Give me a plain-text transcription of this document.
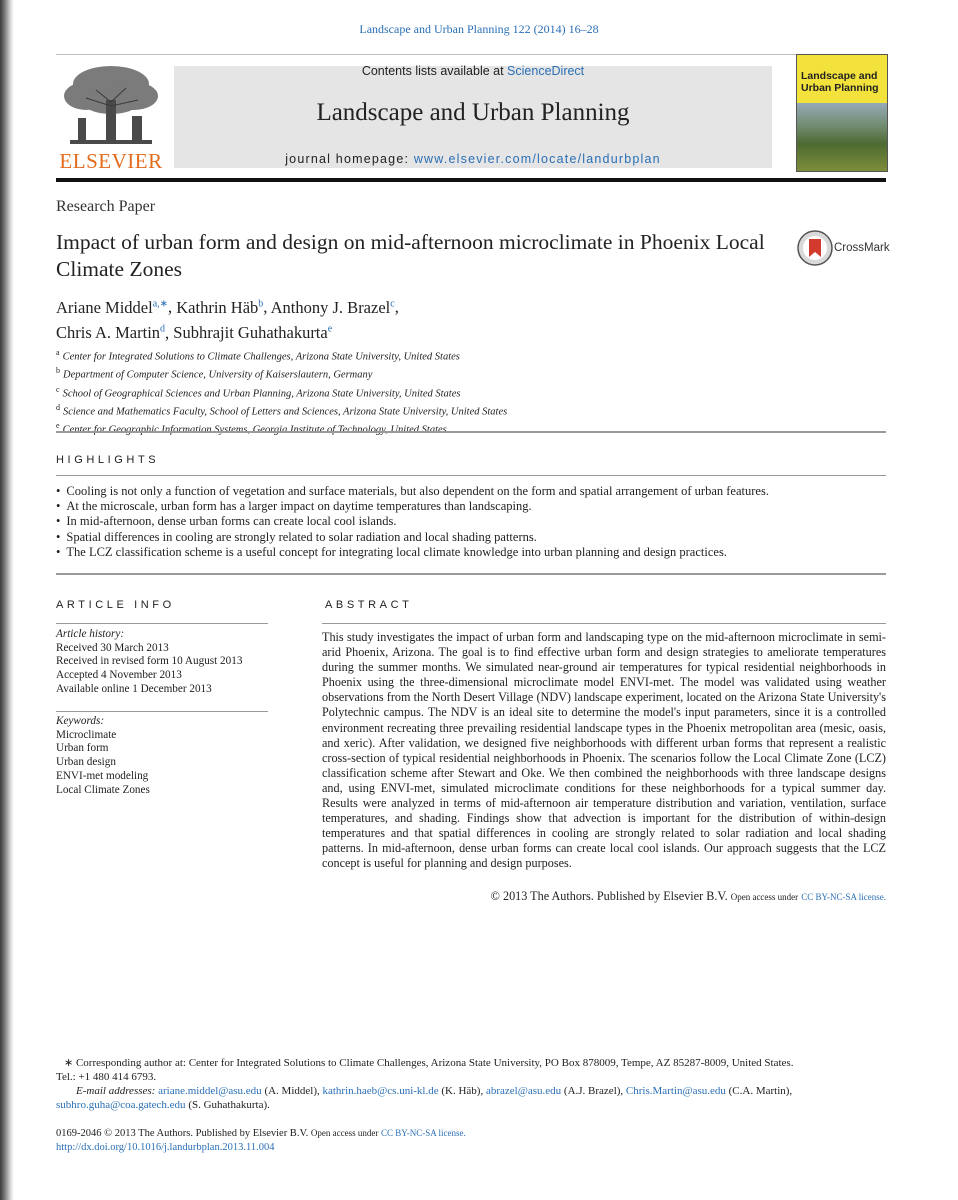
Landscape and Urban Planning 122 (2014) 16–28
ELSEVIER
Contents lists available at ScienceDirect
Landscape and Urban Planning
journal homepage: www.elsevier.com/locate/landurbplan
Landscape and
Urban Planning
Research Paper
Impact of urban form and design on mid-afternoon microclimate in Phoenix Local Climate Zones
CrossMark
Ariane Middel$^{a,∗}$, Kathrin Häb$^b$, Anthony J. Brazel$^c$,
Chris A. Martin$^d$, Subhrajit Guhathakurta$^e$
$^a$ Center for Integrated Solutions to Climate Challenges, Arizona State University, United States
$^b$ Department of Computer Science, University of Kaiserslautern, Germany
$^c$ School of Geographical Sciences and Urban Planning, Arizona State University, United States
$^d$ Science and Mathematics Faculty, School of Letters and Sciences, Arizona State University, United States
$^e$
HIGHLIGHTS
• Cooling is not only a function of vegetation and surface materials, but also dependent on the form and spatial arrangement of urban features.
• At the microscale, urban form has a larger impact on daytime temperatures than landscaping.
• In mid-afternoon, dense urban forms can create local cool islands.
• Spatial differences in cooling are strongly related to solar radiation and local shading patterns.
• The LCZ classification scheme is a useful concept for integrating local climate knowledge into urban planning and design practices.
ARTICLE INFO
Article history:
Received 30 March 2013
Received in revised form 10 August 2013
Accepted 4 November 2013
Available online 1 December 2013
Keywords:
Microclimate
Urban form
Urban design
ENVI-met modeling
Local Climate Zones
ABSTRACT
This study investigates the impact of urban form and landscaping type on the mid-afternoon microclimate in semi-arid Phoenix, Arizona. The goal is to find effective urban form and design strategies to ameliorate temperatures during the summer months. We simulated near-ground air temperatures for typical residential neighborhoods in Phoenix using the three-dimensional microclimate model ENVI-met. The model was validated using weather observations from the North Desert Village (NDV) landscape experiment, located on the Arizona State University's Polytechnic campus. The NDV is an ideal site to determine the model's input parameters, since it is a controlled environment recreating three prevailing residential landscape types in the Phoenix metropolitan area (mesic, oasis, and xeric). After validation, we designed five neighborhoods with different urban forms that represent a realistic cross-section of typical residential neighborhoods in Phoenix. The scenarios follow the Local Climate Zone (LCZ) classification scheme after Stewart and Oke. We then combined the neighborhoods with three landscape designs and, using ENVI-met, simulated microclimate conditions for these neighborhoods for a typical summer day. Results were analyzed in terms of mid-afternoon air temperature distribution and variation, ventilation, surface temperatures, and shading. Findings show that advection is important for the distribution of within-design temperatures and that spatial differences in cooling are strongly related to solar radiation and local shading patterns. In mid-afternoon, dense urban forms can create local cool islands. Our approach suggests that the LCZ concept is useful for planning and design purposes.
© 2013 The Authors. Published by Elsevier B.V. Open access under CC BY-NC-SA license.
∗ Corresponding author at: Center for Integrated Solutions to Climate Challenges, Arizona State University, PO Box 878009, Tempe, AZ 85287-8009, United States.
Tel.: +1 480 414 6793.
E-mail addresses: ariane.middel@asu.edu (A. Middel), kathrin.haeb@cs.uni-kl.de (K. Häb), abrazel@asu.edu (A.J. Brazel), Chris.Martin@asu.edu (C.A. Martin),
subhro.guha@coa.gatech.edu (S. Guhathakurta).
0169-2046 © 2013 The Authors. Published by Elsevier B.V. Open access under CC BY-NC-SA license.
http://dx.doi.org/10.1016/j.landurbplan.2013.11.004
